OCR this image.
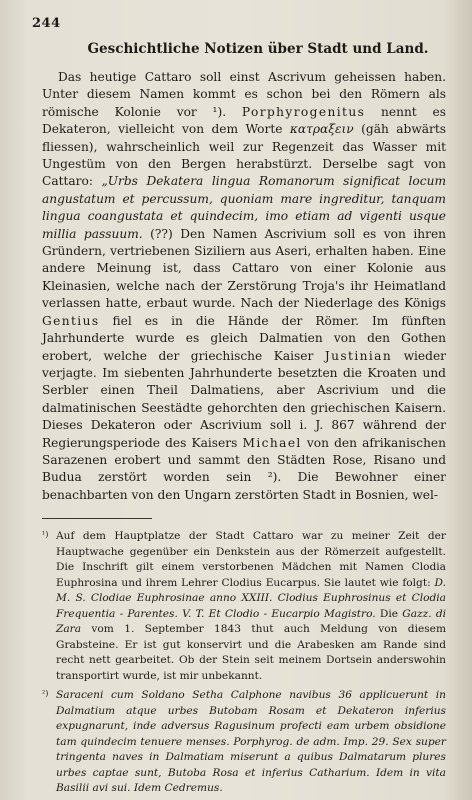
244
Geschichtliche Notizen über Stadt und Land.

Das heutige Cattaro soll einst Ascrivum geheissen haben. Unter diesem Namen kommt es schon bei den Römern als römische Kolonie vor ¹). Porphyrogenitus nennt es Dekateron, vielleicht von dem Worte κατραξειν (gäh abwärts fliessen), wahrscheinlich weil zur Regenzeit das Wasser mit Ungestüm von den Bergen herabstürzt. Derselbe sagt von Cattaro: „Urbs Dekatera lingua Romanorum significat locum angustatum et percussum, quoniam mare ingreditur, tanquam lingua coangustata et quindecim, imo etiam ad vigenti usque millia passuum. (??) Den Namen Ascrivium soll es von ihren Gründern, vertriebenen Siziliern aus Aseri, erhalten haben. Eine andere Meinung ist, dass Cattaro von einer Kolonie aus Kleinasien, welche nach der Zerstörung Troja's ihr Heimatland verlassen hatte, erbaut wurde. Nach der Niederlage des Königs Gentius fiel es in die Hände der Römer. Im fünften Jahrhunderte wurde es gleich Dalmatien von den Gothen erobert, welche der griechische Kaiser Justinian wieder verjagte. Im siebenten Jahrhunderte besetzten die Kroaten und Serbler einen Theil Dalmatiens, aber Ascrivium und die dalmatinischen Seestädte gehorchten den griechischen Kaisern. Dieses Dekateron oder Ascrivium soll i. J. 867 während der Regierungsperiode des Kaisers Michael von den afrikanischen Sarazenen erobert und sammt den Städten Rose, Risano und Budua zerstört worden sein ²). Die Bewohner einer benachbarten von den Ungarn zerstörten Stadt in Bosnien, wel-

¹) Auf dem Hauptplatze der Stadt Cattaro war zu meiner Zeit der Hauptwache gegenüber ein Denkstein aus der Römerzeit aufgestellt. Die Inschrift gilt einem verstorbenen Mädchen mit Namen Clodia Euphrosina und ihrem Lehrer Clodius Eucarpus. Sie lautet wie folgt: D. M. S. Clodiae Euphrosinae anno XXIII. Clodius Euphrosinus et Clodia Frequentia - Parentes. V. T. Et Clodio - Eucarpio Magistro. Die Gazz. di Zara vom 1. September 1843 thut auch Meldung von diesem Grabsteine. Er ist gut konservirt und die Arabesken am Rande sind recht nett gearbeitet. Ob der Stein seit meinem Dortsein anderswohin transportirt wurde, ist mir unbekannt.

²) Saraceni cum Soldano Setha Calphone navibus 36 applicuerunt in Dalmatium atque urbes Butobam Rosam et Dekateron inferius expugnarunt, inde adversus Ragusinum profecti eam urbem obsidione tam quindecim tenuere menses. Porphyrog. de adm. Imp. 29. Sex super tringenta naves in Dalmatiam miserunt a quibus Dalmatarum plures urbes captae sunt, Butoba Rosa et inferius Catharium. Idem in vita Basilii avi sui. Idem Cedremus.
